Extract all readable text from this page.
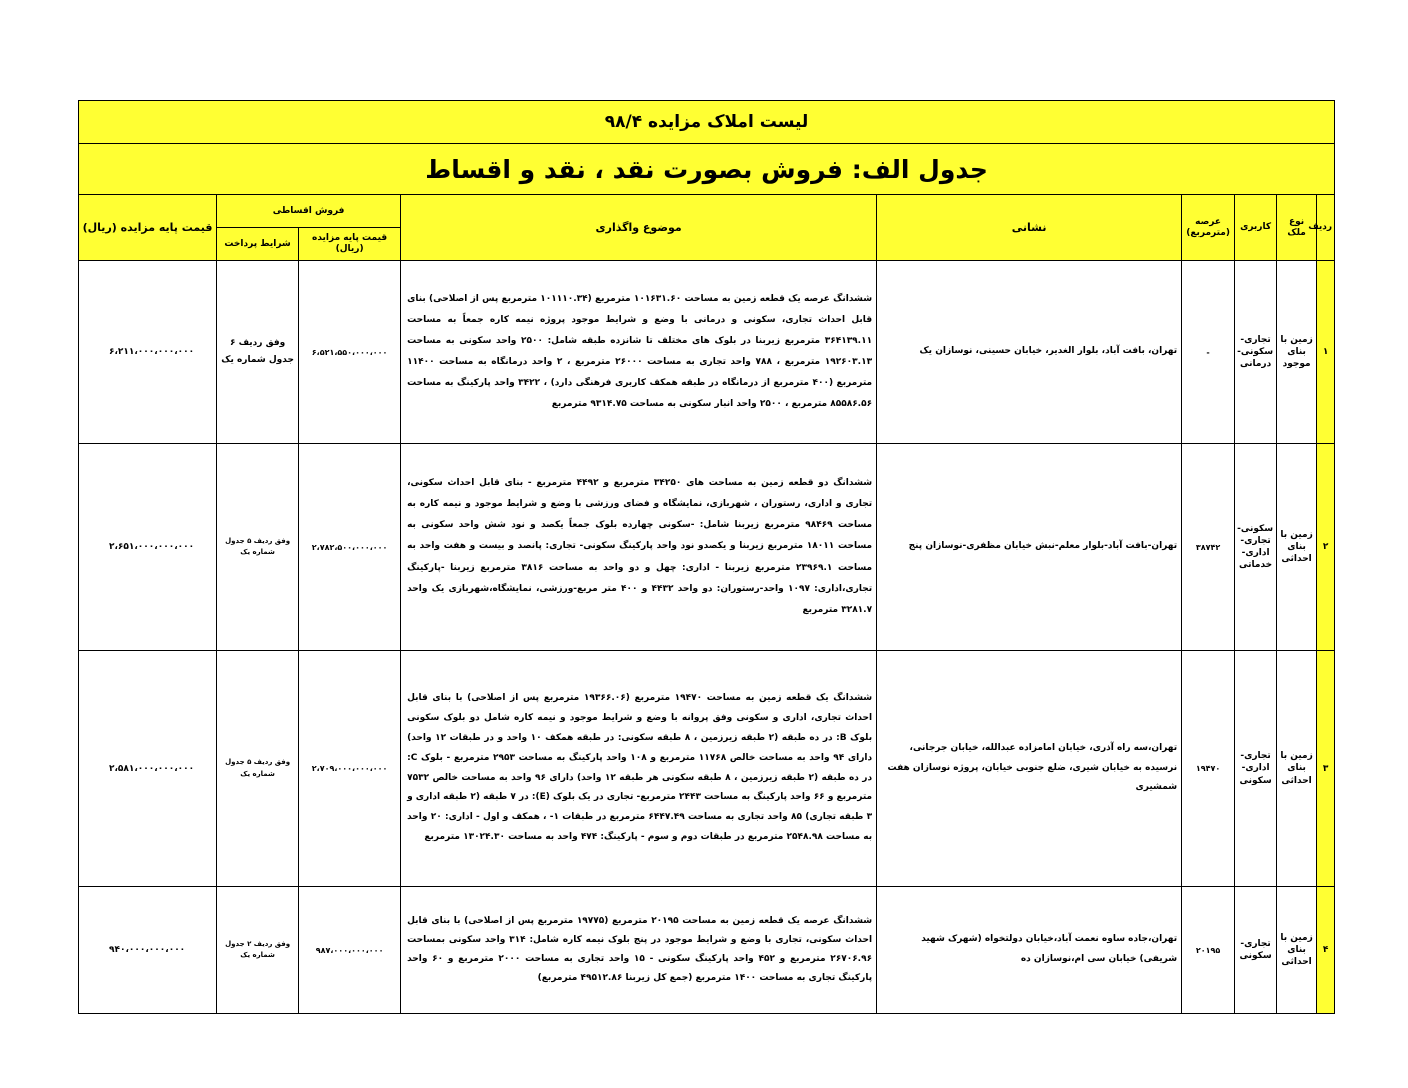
لیست املاک مزایده ۹۸/۴								
جدول الف: فروش بصورت نقد ، نقد و اقساط								
ردیف	نوع ملک	کاربری	عرصه (مترمربع)	نشانی	موضوع واگذاری	فروش اقساطی		قیمت پایه مزایده (ریال)
						قیمت پایه مزایده (ریال)	شرایط پرداخت	
۱	زمین با بنای موجود	تجاری- سکونی- درمانی	-	تهران، بافت آباد، بلوار الغدیر، خیابان حسینی، نوسازان یک	ششدانگ عرصه یک قطعه زمین به مساحت ۱۰۱۶۳۱.۶۰ مترمربع (۱۰۱۱۱۰.۳۴ مترمربع پس از اصلاحی) بنای قابل احداث تجاری، سکونی و درمانی با وضع و شرایط موجود پروژه نیمه کاره جمعاً به مساحت ۳۶۴۱۳۹.۱۱ مترمربع زیربنا در بلوک های مختلف تا شانزده طبقه شامل: ۲۵۰۰ واحد سکونی به مساحت ۱۹۲۶۰۳.۱۳ مترمربع ، ۷۸۸ واحد تجاری به مساحت ۲۶۰۰۰ مترمربع ، ۲ واحد درمانگاه به مساحت ۱۱۴۰۰ مترمربع (۴۰۰ مترمربع از درمانگاه در طبقه همکف کاربری فرهنگی دارد) ، ۳۴۲۲ واحد پارکینگ به مساحت ۸۵۵۸۶.۵۶ مترمربع ، ۲۵۰۰ واحد انبار سکونی به مساحت ۹۳۱۴.۷۵ مترمربع	۶،۵۲۱،۵۵۰،۰۰۰،۰۰۰	وفق ردیف ۶ جدول شماره یک	۶،۲۱۱،۰۰۰،۰۰۰،۰۰۰
۲	زمین با بنای احداثی	سکونی- تجاری- اداری- خدماتی	۳۸۷۴۲	تهران-بافت آباد-بلوار معلم-نبش خیابان مظفری-نوسازان پنج	ششدانگ دو قطعه زمین به مساحت های ۳۴۲۵۰ مترمربع و ۴۴۹۲ مترمربع - بنای قابل احداث سکونی، تجاری و اداری، رستوران ، شهربازی، نمایشگاه و فضای ورزشی با وضع و شرایط موجود و نیمه کاره به مساحت ۹۸۴۶۹ مترمربع زیربنا شامل: -سکونی چهارده بلوک جمعاً یکصد و نود شش واحد سکونی به مساحت ۱۸۰۱۱ مترمربع زیربنا و یکصدو نود واحد پارکینگ سکونی- تجاری: پانصد و بیست و هفت واحد به مساحت ۲۳۹۶۹.۱ مترمربع زیربنا - اداری: چهل و دو واحد به مساحت ۳۸۱۶ مترمربع زیربنا -پارکینگ تجاری،اداری: ۱۰۹۷ واحد-رستوران: دو واحد ۴۴۳۲ و ۴۰۰ متر مربع-ورزشی، نمایشگاه،شهربازی یک واحد ۳۲۸۱.۷ مترمربع	۲،۷۸۲،۵۰۰،۰۰۰،۰۰۰	وفق ردیف ۵ جدول شماره یک	۲،۶۵۱،۰۰۰،۰۰۰،۰۰۰
۳	زمین با بنای احداثی	تجاری- اداری- سکونی	۱۹۴۷۰	تهران،سه راه آذری، خیابان امامزاده عبدالله، خیابان جرجانی، نرسیده به خیابان شیری، ضلع جنوبی خیابان، پروژه نوسازان هفت شمشیری	ششدانگ یک قطعه زمین به مساحت ۱۹۴۷۰ مترمربع (۱۹۳۶۶.۰۶ مترمربع پس از اصلاحی) با بنای قابل احداث تجاری، اداری و سکونی وفق پروانه با وضع و شرایط موجود و نیمه کاره شامل دو بلوک سکونی بلوک B: در ده طبقه (۲ طبقه زیرزمین ، ۸ طبقه سکونی: در طبقه همکف ۱۰ واحد و در طبقات ۱۲ واحد) دارای ۹۴ واحد به مساحت خالص ۱۱۷۶۸ مترمربع و ۱۰۸ واحد پارکینگ به مساحت ۲۹۵۳ مترمربع - بلوک C: در ده طبقه (۲ طبقه زیرزمین ، ۸ طبقه سکونی هر طبقه ۱۲ واحد) دارای ۹۶ واحد به مساحت خالص ۷۵۳۲ مترمربع و ۶۶ واحد پارکینگ به مساحت ۲۴۴۳ مترمربع- تجاری در یک بلوک (E): در ۷ طبقه (۲ طبقه اداری و ۳ طبقه تجاری) ۸۵ واحد تجاری به مساحت ۶۴۴۷.۴۹ مترمربع در طبقات ۱- ، همکف و اول - اداری: ۲۰ واحد به مساحت ۲۵۴۸.۹۸ مترمربع در طبقات دوم و سوم - پارکینگ: ۴۷۴ واحد به مساحت ۱۳۰۲۴.۳۰ مترمربع	۲،۷۰۹،۰۰۰،۰۰۰،۰۰۰	وفق ردیف ۵ جدول شماره یک	۲،۵۸۱،۰۰۰،۰۰۰،۰۰۰
۴	زمین با بنای احداثی	تجاری- سکونی	۲۰۱۹۵	تهران،جاده ساوه نعمت آباد،خیابان دولتخواه (شهرک شهید شریفی) خیابان سی ام،نوسازان ده	ششدانگ عرصه یک قطعه زمین به مساحت ۲۰۱۹۵ مترمربع (۱۹۷۷۵ مترمربع پس از اصلاحی) با بنای قابل احداث سکونی، تجاری با وضع و شرایط موجود در پنج بلوک نیمه کاره شامل: ۳۱۴ واحد سکونی بمساحت ۲۶۷۰۶.۹۶ مترمربع و ۴۵۲ واحد پارکینگ سکونی - ۱۵ واحد تجاری به مساحت ۲۰۰۰ مترمربع و ۶۰ واحد پارکینگ تجاری به مساحت ۱۴۰۰ مترمربع (جمع کل زیربنا ۴۹۵۱۲.۸۶ مترمربع)	۹۸۷،۰۰۰،۰۰۰،۰۰۰	وفق ردیف ۲ جدول شماره یک	۹۴۰،۰۰۰،۰۰۰،۰۰۰
